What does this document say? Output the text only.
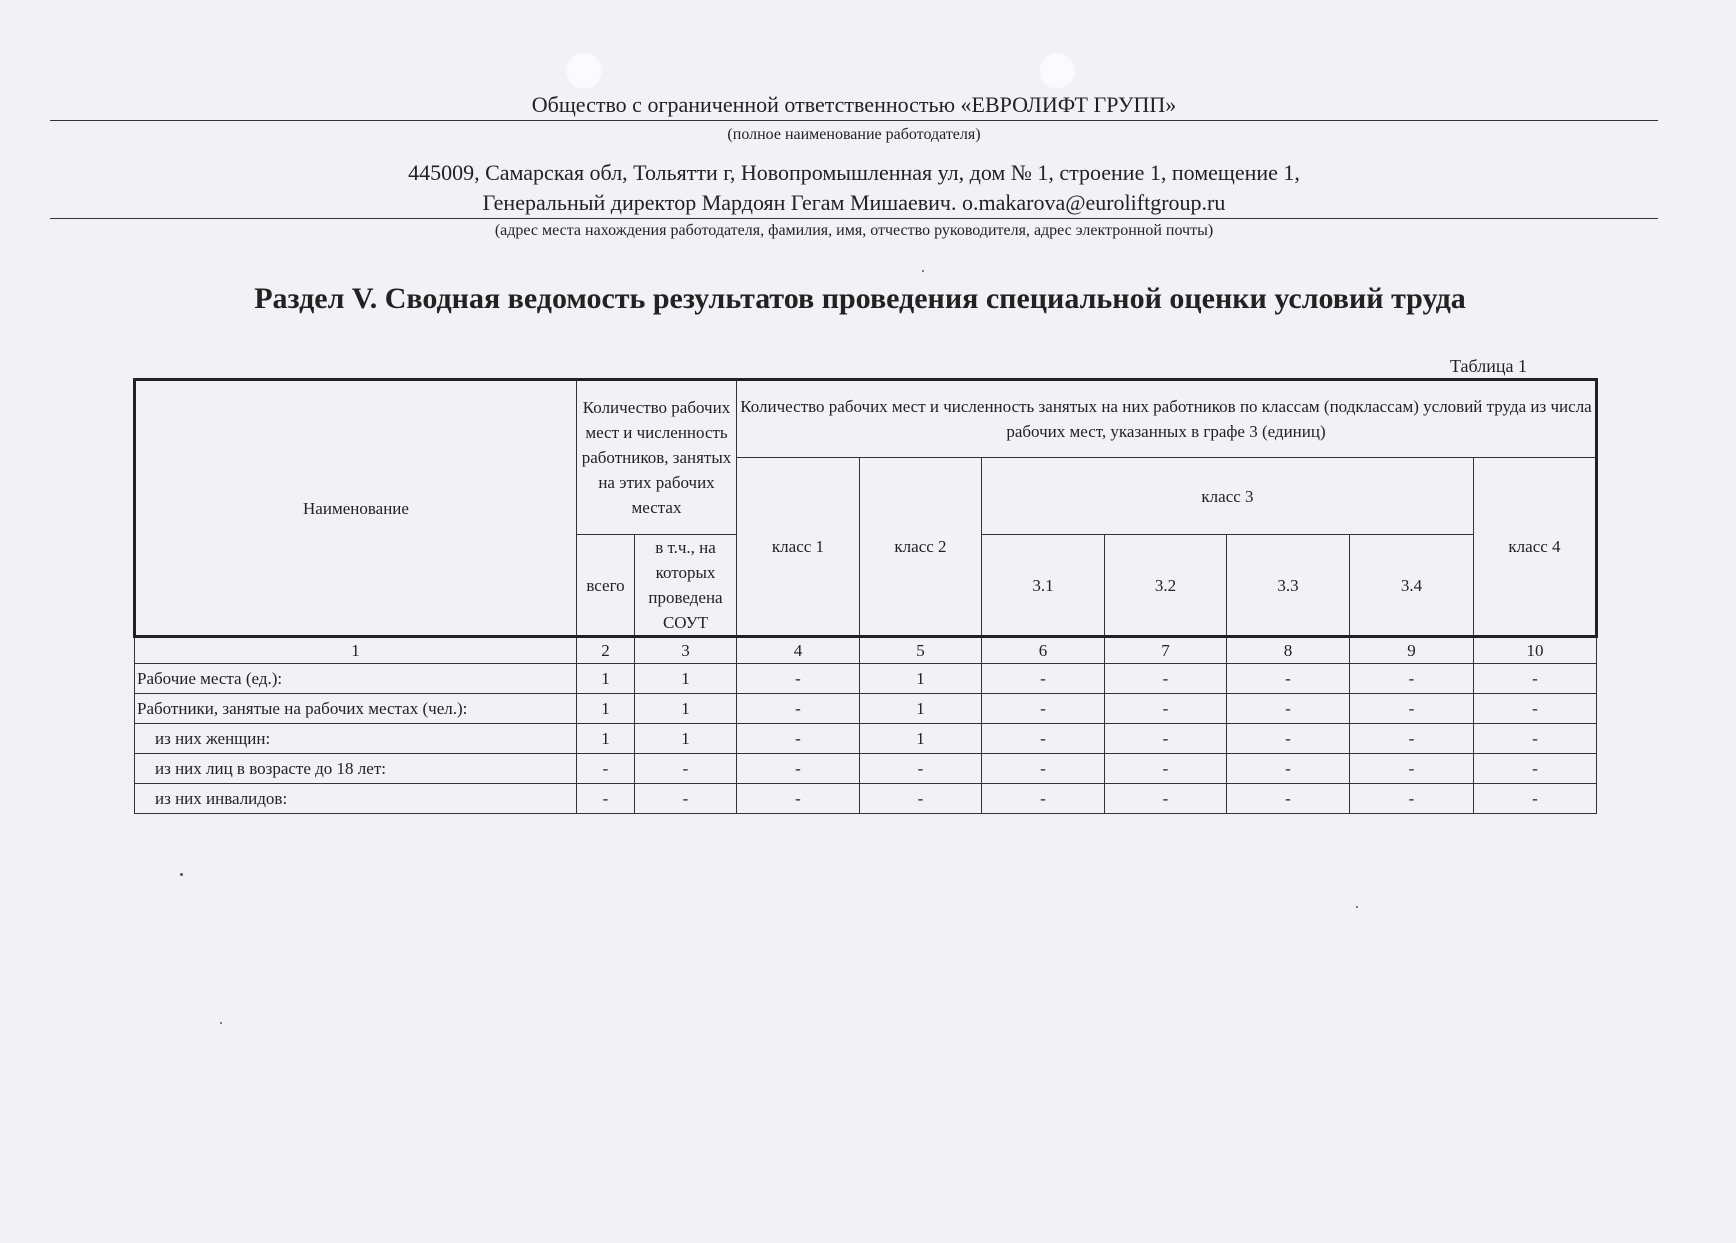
Общество с ограниченной ответственностью «ЕВРОЛИФТ ГРУПП»
(полное наименование работодателя)
445009, Самарская обл, Тольятти г, Новопромышленная ул, дом № 1, строение 1, помещение 1,
Генеральный директор Мардоян Гегам Мишаевич. o.makarova@euroliftgroup.ru
(адрес места нахождения работодателя, фамилия, имя, отчество руководителя, адрес электронной почты)
Раздел V. Сводная ведомость результатов проведения специальной оценки условий труда
Таблица 1
Наименование	Количество рабочих мест и численность работников, занятых на этих рабочих местах		Количество рабочих мест и численность занятых на них работников по классам (подклассам) условий труда из числа рабочих мест, указанных в графе 3 (единиц)						
			класс 1	класс 2	класс 3				класс 4
	всего	в т.ч., на которых проведена СОУТ			3.1	3.2	3.3	3.4	
1	2	3	4	5	6	7	8	9	10
Рабочие места (ед.):	1	1	-	1	-	-	-	-	-
Работники, занятые на рабочих местах (чел.):	1	1	-	1	-	-	-	-	-
из них женщин:	1	1	-	1	-	-	-	-	-
из них лиц в возрасте до 18 лет:	-	-	-	-	-	-	-	-	-
из них инвалидов:	-	-	-	-	-	-	-	-	-
